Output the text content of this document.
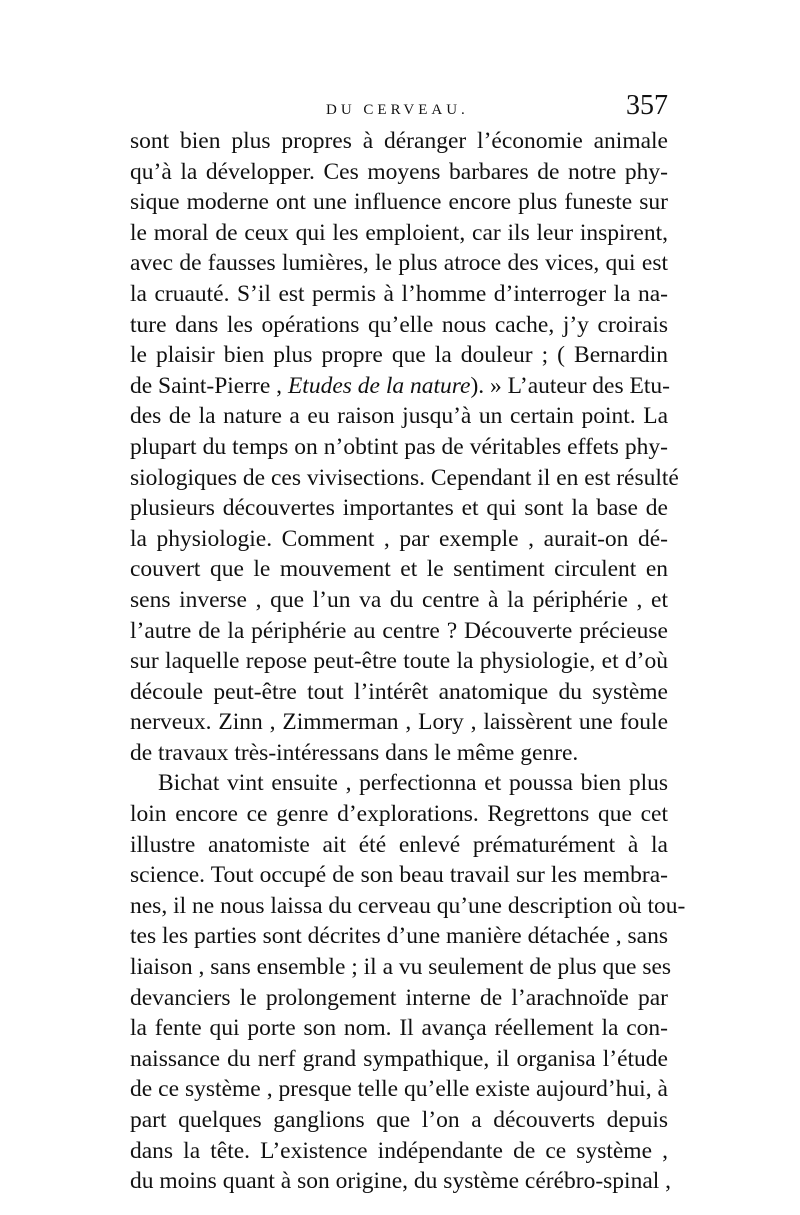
DU CERVEAU.	357
sont bien plus propres à déranger l’économie animale
qu’à la développer. Ces moyens barbares de notre phy-
sique moderne ont une influence encore plus funeste sur
le moral de ceux qui les emploient, car ils leur inspirent,
avec de fausses lumières, le plus atroce des vices, qui est
la cruauté. S’il est permis à l’homme d’interroger la na-
ture dans les opérations qu’elle nous cache, j’y croirais
le plaisir bien plus propre que la douleur ; ( Bernardin
de Saint-Pierre , Etudes de la nature). » L’auteur des Etu-
des de la nature a eu raison jusqu’à un certain point. La
plupart du temps on n’obtint pas de véritables effets phy-
siologiques de ces vivisections. Cependant il en est résulté
plusieurs découvertes importantes et qui sont la base de
la physiologie. Comment , par exemple , aurait-on dé-
couvert que le mouvement et le sentiment circulent en
sens inverse , que l’un va du centre à la périphérie , et
l’autre de la périphérie au centre ? Découverte précieuse
sur laquelle repose peut-être toute la physiologie, et d’où
découle peut-être tout l’intérêt anatomique du système
nerveux. Zinn , Zimmerman , Lory , laissèrent une foule
de travaux très-intéressans dans le même genre.
Bichat vint ensuite , perfectionna et poussa bien plus
loin encore ce genre d’explorations. Regrettons que cet
illustre anatomiste ait été enlevé prématurément à la
science. Tout occupé de son beau travail sur les membra-
nes, il ne nous laissa du cerveau qu’une description où tou-
tes les parties sont décrites d’une manière détachée , sans
liaison , sans ensemble ; il a vu seulement de plus que ses
devanciers le prolongement interne de l’arachnoïde par
la fente qui porte son nom. Il avança réellement la con-
naissance du nerf grand sympathique, il organisa l’étude
de ce système , presque telle qu’elle existe aujourd’hui, à
part quelques ganglions que l’on a découverts depuis
dans la tête. L’existence indépendante de ce système ,
du moins quant à son origine, du système cérébro-spinal ,
